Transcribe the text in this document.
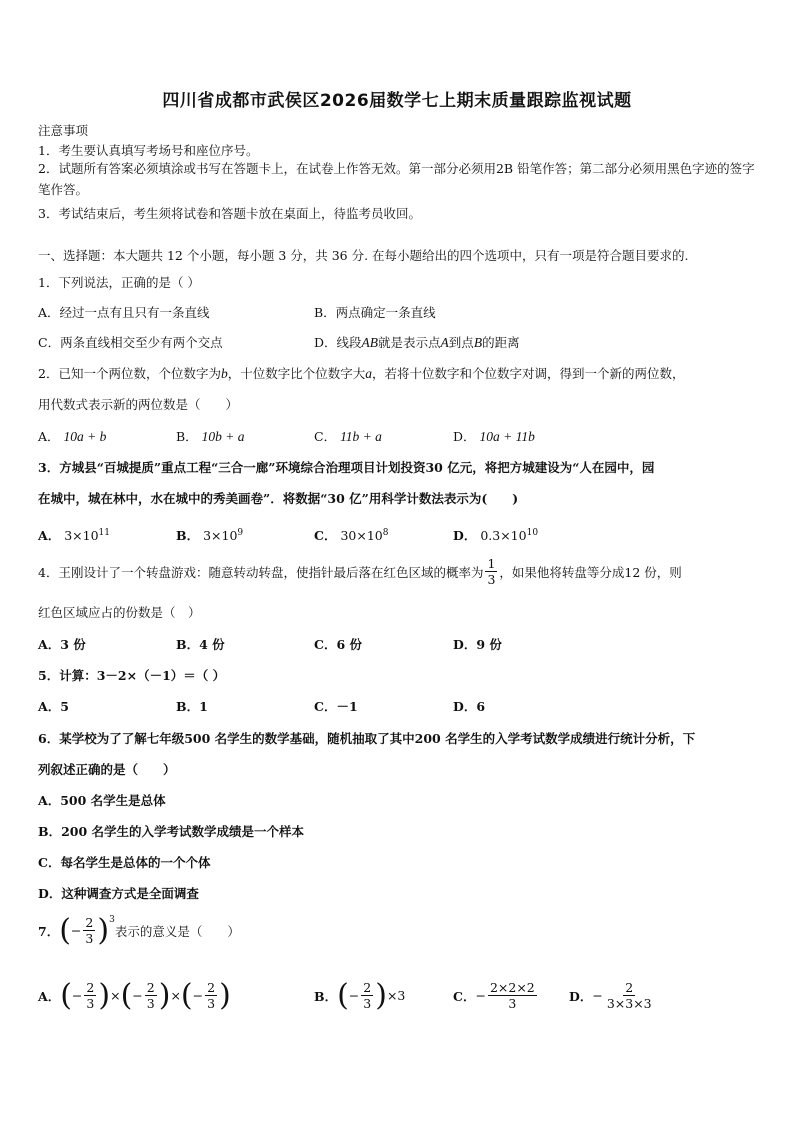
四川省成都市武侯区2026届数学七上期末质量跟踪监视试题
注意事项
1．考生要认真填写考场号和座位序号。
2．试题所有答案必须填涂或书写在答题卡上，在试卷上作答无效。第一部分必须用2B 铅笔作答；第二部分必须用黑色字迹的签字笔作答。
3．考试结束后，考生须将试卷和答题卡放在桌面上，待监考员收回。
一、选择题：本大题共 12 个小题，每小题 3 分，共 36 分. 在每小题给出的四个选项中，只有一项是符合题目要求的.
1．下列说法，正确的是（ ）
A．经过一点有且只有一条直线	B．两点确定一条直线
C．两条直线相交至少有两个交点	D．线段AB就是表示点A到点B的距离
2．已知一个两位数，个位数字为b，十位数字比个位数字大a，若将十位数字和个位数字对调，得到一个新的两位数，
用代数式表示新的两位数是（　　）
A． 10a + b	B． 10b + a	C． 11b + a	D． 10a + 11b
3．方城县“百城提质”重点工程“三合一廊”环境综合治理项目计划投资30 亿元，将把方城建设为“人在园中，园
在城中，城在林中，水在城中的秀美画卷”．将数据“30 亿”用科学计数法表示为(　　)
A． $3\times 10^{11}$	B． $3\times 10^9$	C． $30\times 10^8$	D． $0.3\times 10^{10}$
4．王刚设计了一个转盘游戏：随意转动转盘，使指针最后落在红色区域的概率为 $\frac{1}{3}$ ，如果他将转盘等分成12 份，则
红色区域应占的份数是（　）
A．3 份	B．4 份	C．6 份	D．9 份
5．计算：3－2×（－1）＝（ ）
A．5	B．1	C．－1	D．6
6．某学校为了了解七年级500 名学生的数学基础，随机抽取了其中200 名学生的入学考试数学成绩进行统计分析，下
列叙述正确的是（　　）
A．500 名学生是总体
B．200 名学生的入学考试数学成绩是一个样本
C．每名学生是总体的一个个体
D．这种调查方式是全面调查
7． ( − $\frac{2}{3}$ ) 3
表示的意义是（　　）
A． ( − $\frac{2}{3}$ ) × ( − $\frac{2}{3}$ ) × ( − $\frac{2}{3}$ )	B． ( − $\frac{2}{3}$ ) ×3	C． − $\frac{2\times 2\times 2}{3}$	D． − $\frac{2}{3\times 3\times 3}$
